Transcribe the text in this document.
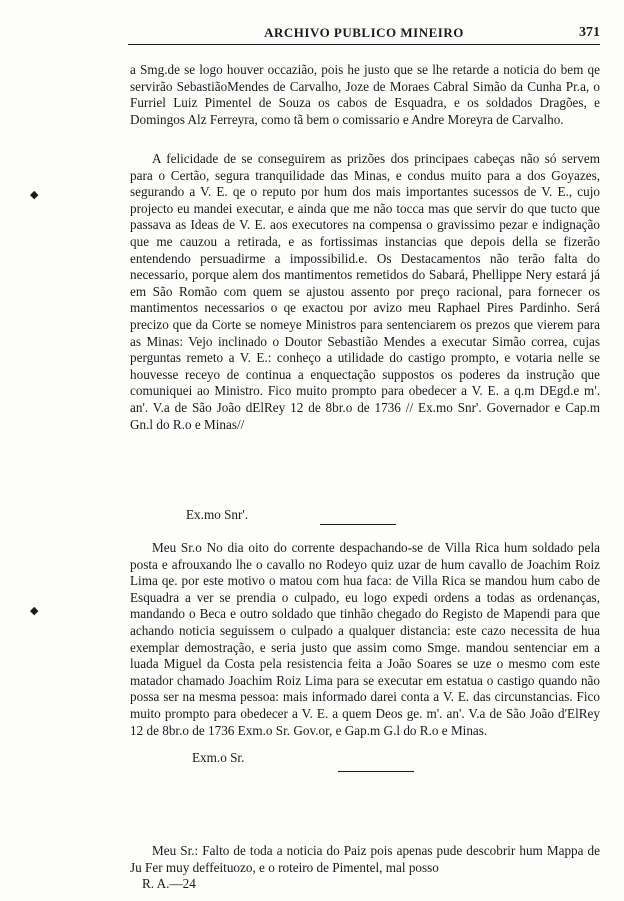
ARCHIVO PUBLICO MINEIRO	371
◆
◆

a Smg.de se logo houver occazião, pois he justo que se lhe retarde a noticia do bem qe servirão SebastiãoMendes de Carvalho, Joze de Moraes Cabral Simão da Cunha Pr.a, o Furriel Luiz Pimentel de Souza os cabos de Esquadra, e os soldados Dragões, e Domingos Alz Ferreyra, como tã bem o comissario e Andre Moreyra de Carvalho.

A felicidade de se conseguirem as prizões dos principaes cabeças não só servem para o Certão, segura tranquilidade das Minas, e condus muito para a dos Goyazes, segurando a V. E. qe o reputo por hum dos mais importantes sucessos de V. E., cujo projecto eu mandei executar, e ainda que me não tocca mas que servir do que tucto que passava as Ideas de V. E. aos executores na compensa o gravissimo pezar e indignação que me cauzou a retirada, e as fortissimas instancias que depois della se fizerão entendendo persuadirme a impossibilid.e. Os Destacamentos não terão falta do necessario, porque alem dos mantimentos remetidos do Sabará, Phellippe Nery estará já em São Romão com quem se ajustou assento por preço racional, para fornecer os mantimentos necessarios o qe exactou por avizo meu Raphael Pires Pardinho. Será precizo que da Corte se nomeye Ministros para sentenciarem os prezos que vierem para as Minas: Vejo inclinado o Doutor Sebastião Mendes a executar Simão correa, cujas perguntas remeto a V. E.: conheço a utilidade do castigo prompto, e votaria nelle se houvesse receyo de continua a enquectação suppostos os poderes da instrução que comuniquei ao Ministro. Fico muito prompto para obedecer a V. E. a q.m DEgd.e m'. an'. V.a de São João dElRey 12 de 8br.o de 1736 // Ex.mo Snr'. Governador e Cap.m Gn.l do R.o e Minas//

Ex.mo Snr'.

Meu Sr.o No dia oito do corrente despachando-se de Villa Rica hum soldado pela posta e afrouxando lhe o cavallo no Rodeyo quiz uzar de hum cavallo de Joachim Roiz Lima qe. por este motivo o matou com hua faca: de Villa Rica se mandou hum cabo de Esquadra a ver se prendia o culpado, eu logo expedi ordens a todas as ordenanças, mandando o Beca e outro soldado que tinhão chegado do Registo de Mapendi para que achando noticia seguissem o culpado a qualquer distancia: este cazo necessita de hua exemplar demostração, e seria justo que assim como Smge. mandou sentenciar em a luada Miguel da Costa pela resistencia feita a João Soares se uze o mesmo com este matador chamado Joachim Roiz Lima para se executar em estatua o castigo quando não possa ser na mesma pessoa: mais informado darei conta a V. E. das circunstancias. Fico muito prompto para obedecer a V. E. a quem Deos ge. m'. an'. V.a de São João d'ElRey 12 de 8br.o de 1736 Exm.o Sr. Gov.or, e Gap.m G.l do R.o e Minas.

Exm.o Sr.

Meu Sr.: Falto de toda a noticia do Paiz pois apenas pude descobrir hum Mappa de Ju Fer muy deffeituozo, e o roteiro de Pimentel, mal posso

R. A.—24
